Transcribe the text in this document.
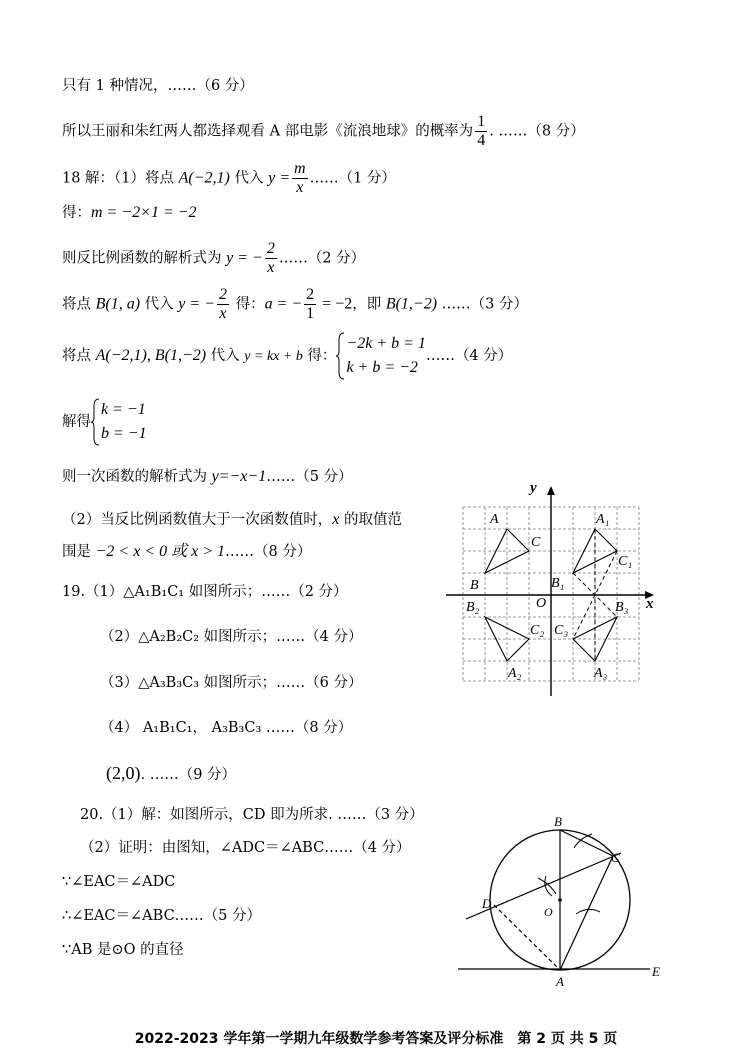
只有 1 种情况，……（6 分）
所以王丽和朱红两人都选择观看 A 部电影《流浪地球》的概率为 $\frac{1}{4}$ . ……（8 分）
18 解：（1）将点 A(−2,1) 代入 $y = \frac{m}{x}$ ……（1 分）
得：m = −2×1 = −2
则反比例函数的解析式为 y = − $\frac{2}{x}$ ……（2 分）
将点 B(1, a) 代入 y = − $\frac{2}{x}$ 得：a = − $\frac{2}{1} = -2$，即 B(1,−2) ……（3 分）
将点 A(−2,1), B(1,−2) 代入 y = kx + b 得：
−2k + b = 1
k + b = −2
……（4 分）
解得
k = −1
b = −1
则一次函数的解析式为 y=−x−1……（5 分）
（2）当反比例函数值大于一次函数值时，x 的取值范
围是 −2 < x < 0 或 x > 1……（8 分）
19.（1）△A₁B₁C₁ 如图所示；……（2 分）
（2）△A₂B₂C₂ 如图所示；……（4 分）
（3）△A₃B₃C₃ 如图所示；……（6 分）
（4） A₁B₁C₁， A₃B₃C₃ ……（8 分）
(2,0). ……（9 分）
20.（1）解：如图所示，CD 即为所求. ……（3 分）
（2）证明：由图知，∠ADC＝∠ABC……（4 分）
∵∠EAC＝∠ADC
∴∠EAC＝∠ABC……（5 分）
∵AB 是⊙O 的直径
x
y
O
A
B
C
A₁
B₁
C₁
B₂
A₂
C₂ C₃
B₃
A₃
B
C
D
O
A
E
2022-2023 学年第一学期九年级数学参考答案及评分标准　第 2 页 共 5 页
